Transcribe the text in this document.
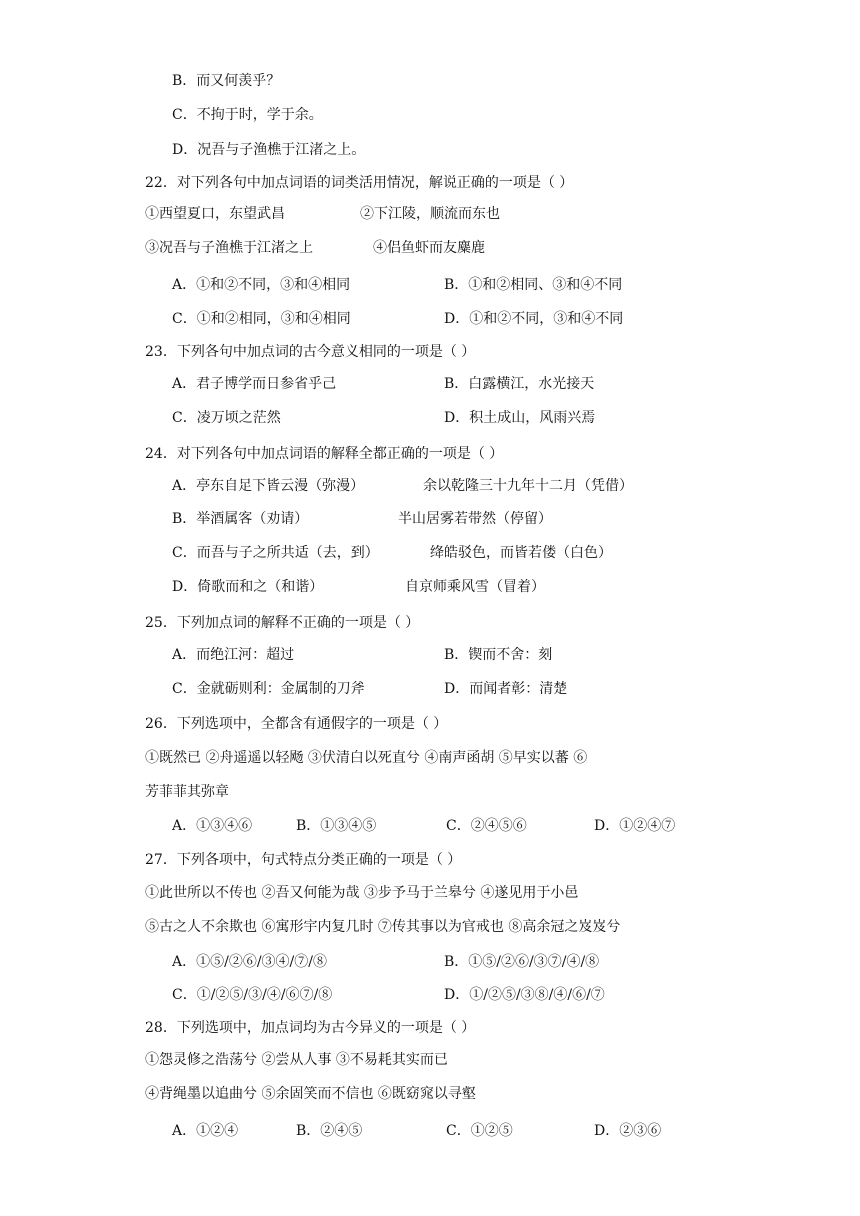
B．而又何羡乎？
C．不拘于时，学于余。
D．况吾与子渔樵于江渚之上。
22．对下列各句中加点词语的词类活用情况，解说正确的一项是（ ）
①西望夏口，东望武昌	②下江陵，顺流而东也
③况吾与子渔樵于江渚之上	④侣鱼虾而友麋鹿
A．①和②不同，③和④相同	B．①和②相同、③和④不同
C．①和②相同，③和④相同	D．①和②不同，③和④不同
23．下列各句中加点词的古今意义相同的一项是（ ）
A．君子博学而日参省乎己	B．白露横江，水光接天
C．凌万顷之茫然	D．积土成山，风雨兴焉
24．对下列各句中加点词语的解释全都正确的一项是（ ）
A．亭东自足下皆云漫（弥漫）	余以乾隆三十九年十二月（凭借）
B．举酒属客（劝请）	半山居雾若带然（停留）
C．而吾与子之所共适（去，到）	绛皓驳色，而皆若偻（白色）
D．倚歌而和之（和谐）	自京师乘风雪（冒着）
25．下列加点词的解释不正确的一项是（ ）
A．而绝江河：超过	B．锲而不舍：刻
C．金就砺则利：金属制的刀斧	D．而闻者彰：清楚
26．下列选项中，全都含有通假字的一项是（ ）
①既然已 ②舟遥遥以轻飏 ③伏清白以死直兮 ④南声函胡 ⑤早实以蕃 ⑥
芳菲菲其弥章
A．①③④⑥	B．①③④⑤	C．②④⑤⑥	D．①②④⑦
27．下列各项中，句式特点分类正确的一项是（ ）
①此世所以不传也 ②吾又何能为哉 ③步予马于兰皋兮 ④遂见用于小邑
⑤古之人不余欺也 ⑥寓形宇内复几时 ⑦传其事以为官戒也 ⑧高余冠之岌岌兮
A．①⑤/②⑥/③④/⑦/⑧	B．①⑤/②⑥/③⑦/④/⑧
C．①/②⑤/③/④/⑥⑦/⑧	D．①/②⑤/③⑧/④/⑥/⑦
28．下列选项中，加点词均为古今异义的一项是（ ）
①怨灵修之浩荡兮 ②尝从人事 ③不易耗其实而已
④背绳墨以追曲兮 ⑤余固笑而不信也 ⑥既窈窕以寻壑
A．①②④	B．②④⑤	C．①②⑤	D．②③⑥
